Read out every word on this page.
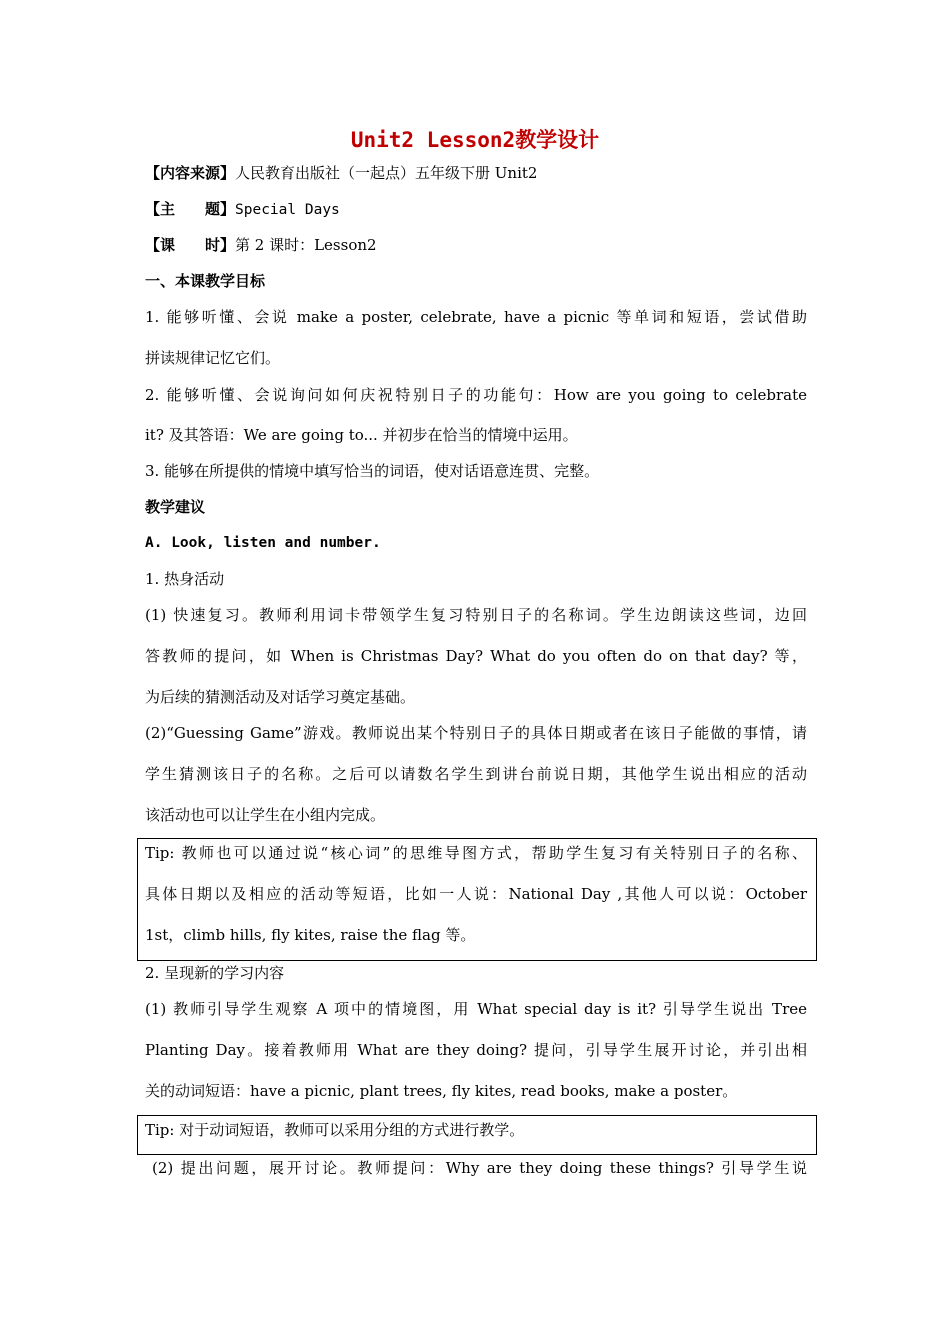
Unit2 Lesson2教学设计
【内容来源】人民教育出版社（一起点）五年级下册 Unit2
【主　　题】Special Days
【课　　时】第 2 课时：Lesson2
一、本课教学目标
1. 能够听懂、会说 make a poster, celebrate, have a picnic 等单词和短语，尝试借助
拼读规律记忆它们。
2. 能够听懂、会说询问如何庆祝特别日子的功能句：How are you going to celebrate
it? 及其答语：We are going to... 并初步在恰当的情境中运用。
3. 能够在所提供的情境中填写恰当的词语，使对话语意连贯、完整。
教学建议
A. Look, listen and number.
1. 热身活动
(1) 快速复习。教师利用词卡带领学生复习特别日子的名称词。学生边朗读这些词，边回
答教师的提问，如 When is Christmas Day? What do you often do on that day? 等，
为后续的猜测活动及对话学习奠定基础。
(2)“Guessing Game”游戏。教师说出某个特别日子的具体日期或者在该日子能做的事情，请
学生猜测该日子的名称。之后可以请数名学生到讲台前说日期，其他学生说出相应的活动
该活动也可以让学生在小组内完成。
Tip: 教师也可以通过说“核心词”的思维导图方式，帮助学生复习有关特别日子的名称、
具体日期以及相应的活动等短语，比如一人说：National Day ,其他人可以说：October
1st，climb hills, fly kites, raise the flag 等。
2. 呈现新的学习内容
(1) 教师引导学生观察 A 项中的情境图，用 What special day is it? 引导学生说出 Tree
Planting Day。接着教师用 What are they doing? 提问，引导学生展开讨论，并引出相
关的动词短语：have a picnic, plant trees, fly kites, read books, make a poster。
Tip: 对于动词短语，教师可以采用分组的方式进行教学。
(2) 提出问题，展开讨论。教师提问：Why are they doing these things? 引导学生说
